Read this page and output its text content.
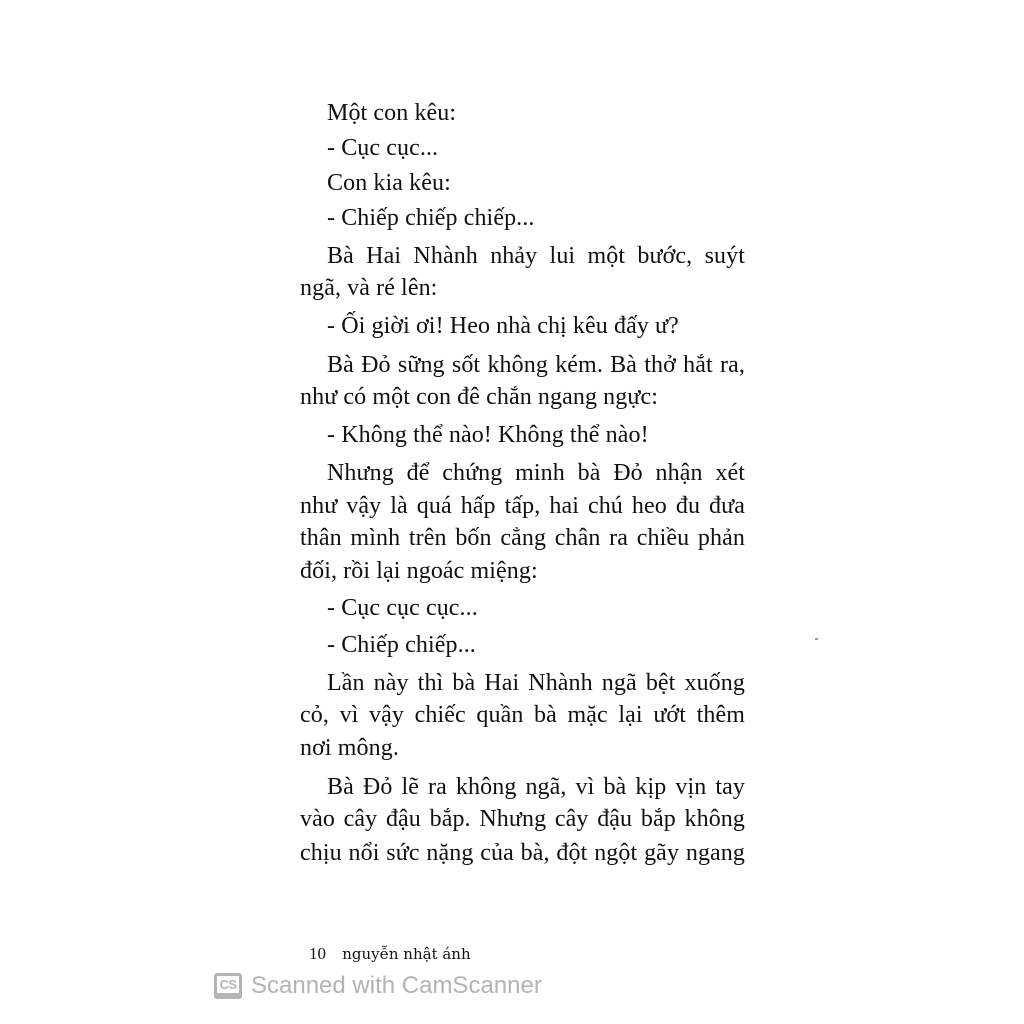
Một con kêu:
- Cục cục...
Con kia kêu:
- Chiếp chiếp chiếp...
Bà Hai Nhành nhảy lui một bước, suýt
ngã, và ré lên:
- Ối giời ơi! Heo nhà chị kêu đấy ư?
Bà Đỏ sững sốt không kém. Bà thở hắt ra,
như có một con đê chắn ngang ngực:
- Không thể nào! Không thể nào!
Nhưng để chứng minh bà Đỏ nhận xét
như vậy là quá hấp tấp, hai chú heo đu đưa
thân mình trên bốn cẳng chân ra chiều phản
đối, rồi lại ngoác miệng:
- Cục cục cục...
- Chiếp chiếp...
Lần này thì bà Hai Nhành ngã bệt xuống
cỏ, vì vậy chiếc quần bà mặc lại ướt thêm
nơi mông.
Bà Đỏ lẽ ra không ngã, vì bà kịp vịn tay
vào cây đậu bắp. Nhưng cây đậu bắp không
chịu nổi sức nặng của bà, đột ngột gãy ngang
10 nguyễn nhật ánh
CS Scanned with CamScanner
